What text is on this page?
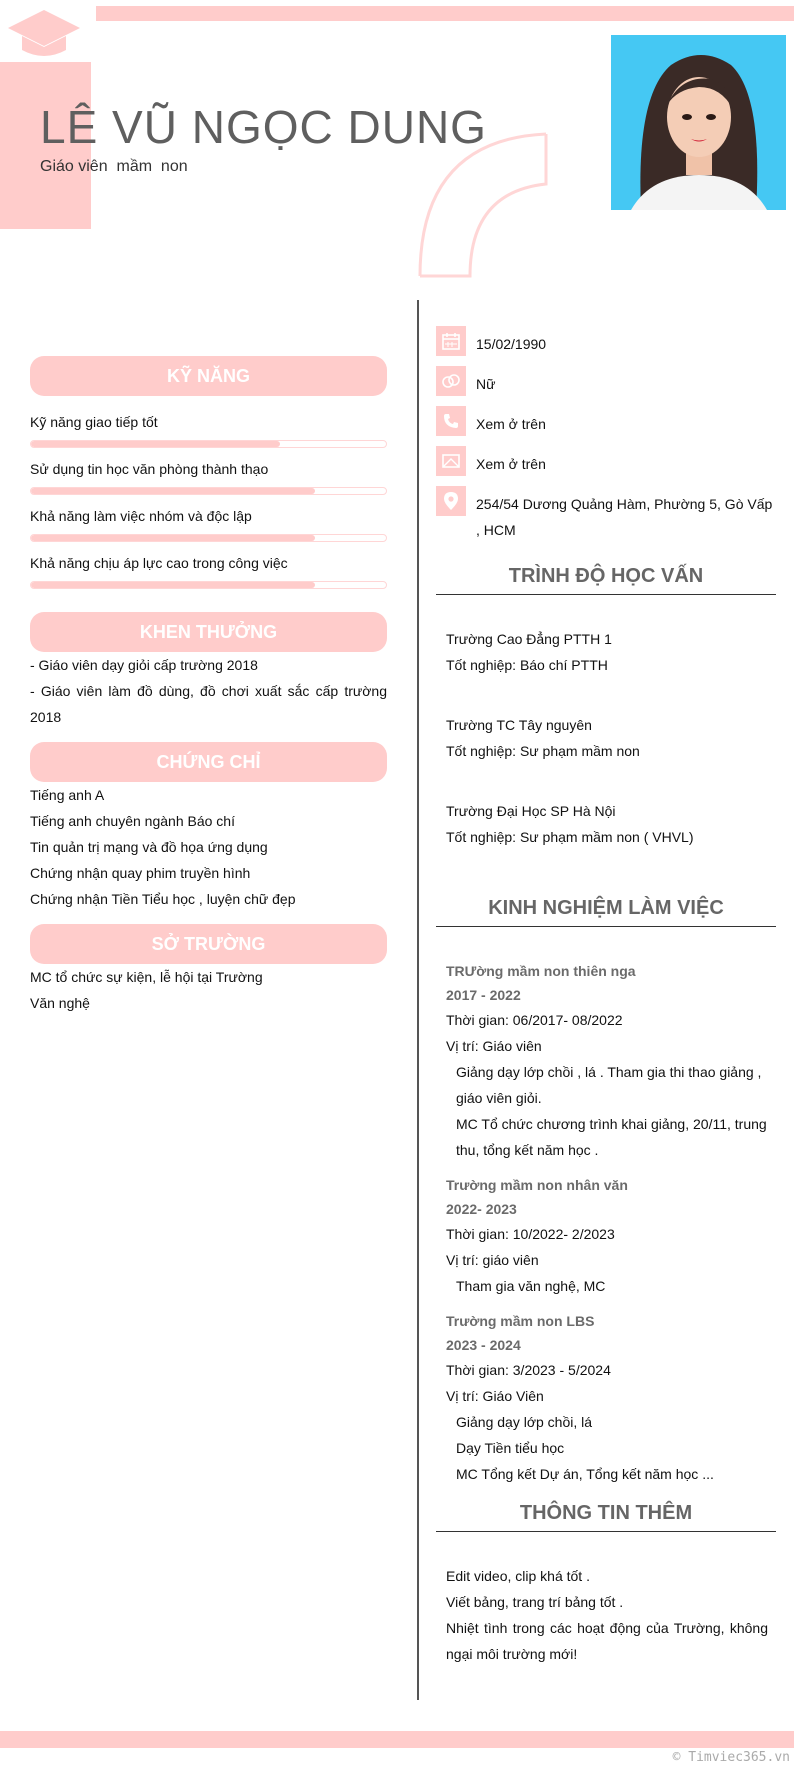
LÊ VŨ NGỌC DUNG
Giáo viên  mầm  non
KỸ NĂNG
Kỹ năng giao tiếp tốt
Sử dụng tin học văn phòng thành thạo
Khả năng làm việc nhóm và độc lập
Khả năng chịu áp lực cao trong công việc
KHEN THƯỞNG
- Giáo viên dạy giỏi cấp trường 2018
- Giáo viên làm đồ dùng, đồ chơi xuất sắc cấp trường 2018
CHỨNG CHỈ
Tiếng anh A
Tiếng anh chuyên ngành Báo chí
Tin quản trị mạng và đồ họa ứng dụng
Chứng nhận quay phim truyền hình
Chứng nhận Tiền Tiểu học , luyện chữ đẹp
SỞ TRƯỜNG
MC tổ chức sự kiện, lễ hội tại Trường
Văn nghệ
15/02/1990
Nữ
Xem ở trên
Xem ở trên
254/54 Dương Quảng Hàm, Phường 5, Gò Vấp , HCM
TRÌNH ĐỘ HỌC VẤN
Trường Cao Đẳng PTTH 1
Tốt nghiệp: Báo chí PTTH
Trường TC Tây nguyên
Tốt nghiệp: Sư phạm mầm non
Trường Đại Học SP Hà Nội
Tốt nghiệp: Sư phạm mầm non ( VHVL)
KINH NGHIỆM LÀM VIỆC
TRƯờng mầm non thiên nga
2017 - 2022
Thời gian: 06/2017- 08/2022
Vị trí: Giáo viên
Giảng dạy lớp chồi , lá . Tham gia thi thao giảng , giáo viên giỏi.
MC Tổ chức chương trình khai giảng, 20/11, trung thu, tổng kết năm học .
Trường mầm non nhân văn
2022- 2023
Thời gian: 10/2022- 2/2023
Vị trí: giáo viên
Tham gia văn nghệ, MC
Trường mầm non LBS
2023 - 2024
Thời gian: 3/2023 - 5/2024
Vị trí: Giáo Viên
Giảng dạy lớp chồi, lá
Dạy Tiền tiểu học
MC Tổng kết Dự án, Tổng kết năm học ...
THÔNG TIN THÊM
Edit video, clip khá tốt .
Viết bảng, trang trí bảng tốt .
Nhiệt tình trong các hoạt động của Trường, không ngại môi trường mới!
© Timviec365.vn
